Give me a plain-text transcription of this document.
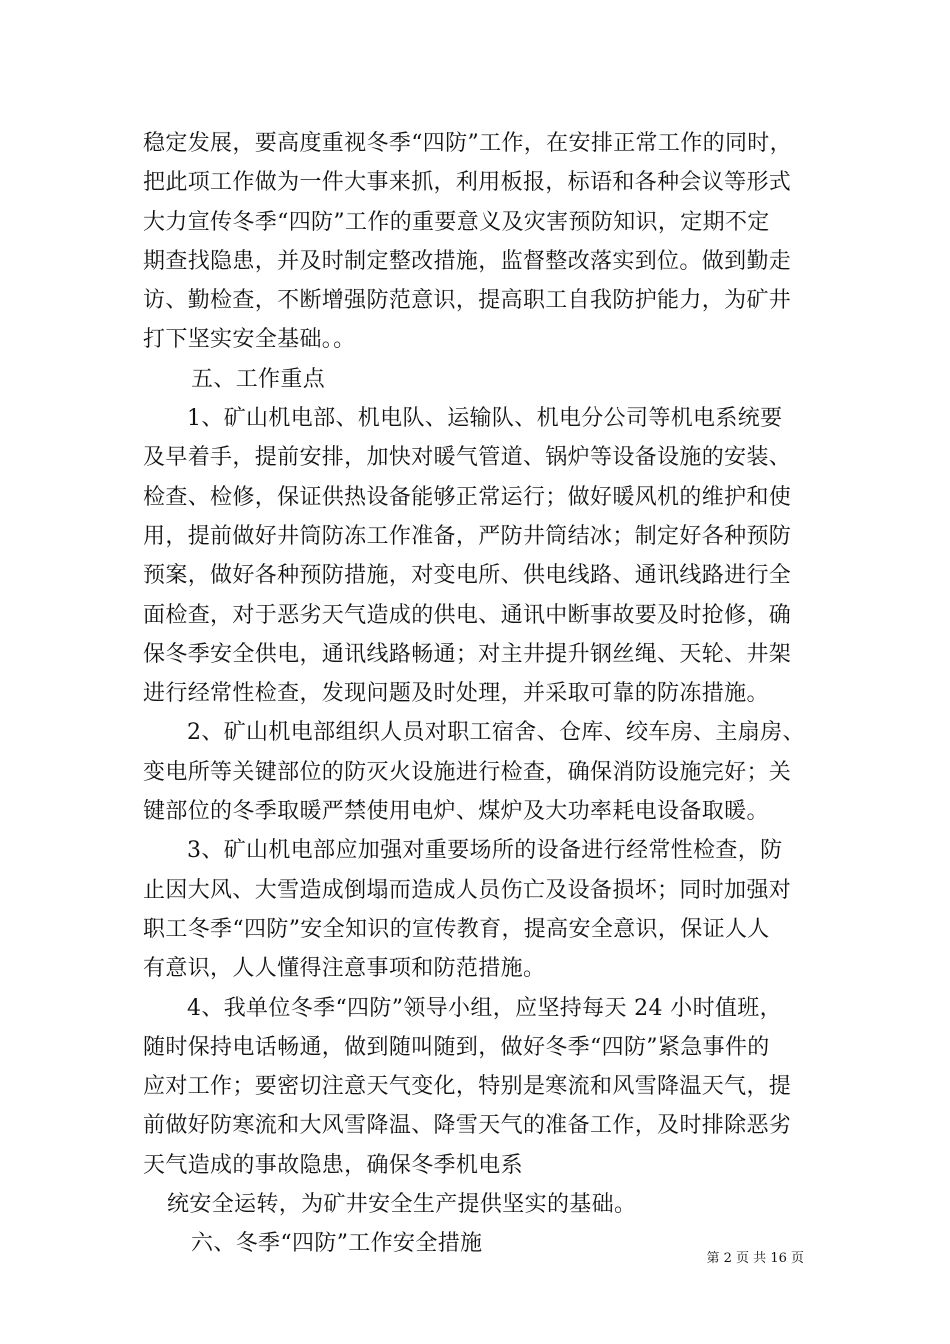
稳定发展，要高度重视冬季“四防”工作，在安排正常工作的同时，
把此项工作做为一件大事来抓，利用板报，标语和各种会议等形式
大力宣传冬季“四防”工作的重要意义及灾害预防知识，定期不定
期查找隐患，并及时制定整改措施，监督整改落实到位。做到勤走
访、勤检查，不断增强防范意识，提高职工自我防护能力，为矿井
打下坚实安全基础。。
五、工作重点
1、矿山机电部、机电队、运输队、机电分公司等机电系统要
及早着手，提前安排，加快对暖气管道、锅炉等设备设施的安装、
检查、检修，保证供热设备能够正常运行；做好暖风机的维护和使
用，提前做好井筒防冻工作准备，严防井筒结冰；制定好各种预防
预案，做好各种预防措施，对变电所、供电线路、通讯线路进行全
面检查，对于恶劣天气造成的供电、通讯中断事故要及时抢修，确
保冬季安全供电，通讯线路畅通；对主井提升钢丝绳、天轮、井架
进行经常性检查，发现问题及时处理，并采取可靠的防冻措施。
2、矿山机电部组织人员对职工宿舍、仓库、绞车房、主扇房、
变电所等关键部位的防灭火设施进行检查，确保消防设施完好；关
键部位的冬季取暖严禁使用电炉、煤炉及大功率耗电设备取暖。
3、矿山机电部应加强对重要场所的设备进行经常性检查，防
止因大风、大雪造成倒塌而造成人员伤亡及设备损坏；同时加强对
职工冬季“四防”安全知识的宣传教育，提高安全意识，保证人人
有意识，人人懂得注意事项和防范措施。
4、我单位冬季“四防”领导小组，应坚持每天 24 小时值班，
随时保持电话畅通，做到随叫随到，做好冬季“四防”紧急事件的
应对工作；要密切注意天气变化，特别是寒流和风雪降温天气，提
前做好防寒流和大风雪降温、降雪天气的准备工作，及时排除恶劣
天气造成的事故隐患，确保冬季机电系
统安全运转，为矿井安全生产提供坚实的基础。
六、冬季“四防”工作安全措施
第 2 页 共 16 页
